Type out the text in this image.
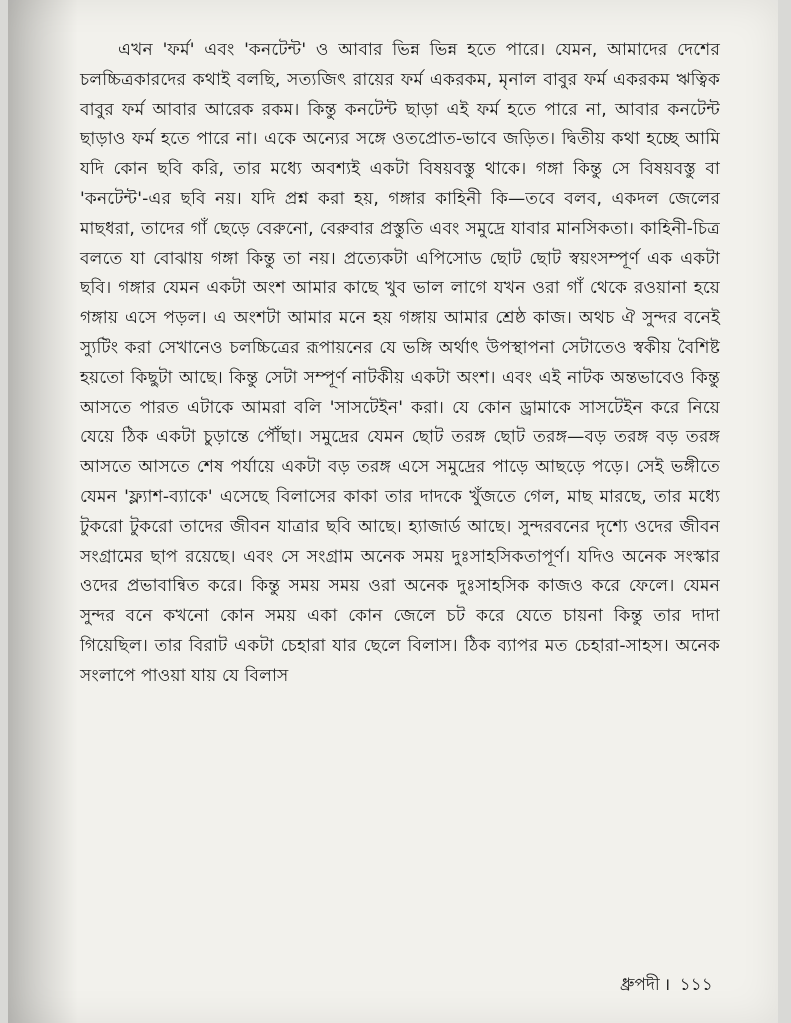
এখন 'ফর্ম' এবং 'কনটেন্ট' ও আবার ভিন্ন ভিন্ন হতে পারে। যেমন, আমাদের দেশের চলচ্চিত্রকারদের কথাই বলছি, সত্যজিৎ রায়ের ফর্ম একরকম, মৃনাল বাবুর ফর্ম একরকম ঋত্বিক বাবুর ফর্ম আবার আরেক রকম। কিন্তু কনটেন্ট ছাড়া এই ফর্ম হতে পারে না, আবার কনটেন্ট ছাড়াও ফর্ম হতে পারে না। একে অন্যের সঙ্গে ওতপ্রোত-ভাবে জড়িত। দ্বিতীয় কথা হচ্ছে আমি যদি কোন ছবি করি, তার মধ্যে অবশ্যই একটা বিষয়বস্তু থাকে। গঙ্গা কিন্তু সে বিষয়বস্তু বা 'কনটেন্ট'-এর ছবি নয়। যদি প্রশ্ন করা হয়, গঙ্গার কাহিনী কি—তবে বলব, একদল জেলের মাছধরা, তাদের গাঁ ছেড়ে বেরুনো, বেরুবার প্রস্তুতি এবং সমুদ্রে যাবার মানসিকতা। কাহিনী-চিত্র বলতে যা বোঝায় গঙ্গা কিন্তু তা নয়। প্রত্যেকটা এপিসোড ছোট ছোট স্বয়ংসম্পূর্ণ এক একটা ছবি। গঙ্গার যেমন একটা অংশ আমার কাছে খুব ভাল লাগে যখন ওরা গাঁ থেকে রওয়ানা হয়ে গঙ্গায় এসে পড়ল। এ অংশটা আমার মনে হয় গঙ্গায় আমার শ্রেষ্ঠ কাজ। অথচ ঐ সুন্দর বনেই স্যুটিং করা সেখানেও চলচ্চিত্রের রূপায়নের যে ভঙ্গি অর্থাৎ উপস্থাপনা সেটাতেও স্বকীয় বৈশিষ্ট হয়তো কিছুটা আছে। কিন্তু সেটা সম্পূর্ণ নাটকীয় একটা অংশ। এবং এই নাটক অন্তভাবেও কিন্তু আসতে পারত এটাকে আমরা বলি 'সাসটেইন' করা। যে কোন ড্রামাকে সাসটেইন করে নিয়ে যেয়ে ঠিক একটা চুড়ান্তে পৌঁছা। সমুদ্রের যেমন ছোট তরঙ্গ ছোট তরঙ্গ—বড় তরঙ্গ বড় তরঙ্গ আসতে আসতে শেষ পর্যায়ে একটা বড় তরঙ্গ এসে সমুদ্রের পাড়ে আছড়ে পড়ে। সেই ভঙ্গীতে যেমন 'ফ্ল্যাশ-ব্যাকে' এসেছে বিলাসের কাকা তার দাদকে খুঁজতে গেল, মাছ মারছে, তার মধ্যে টুকরো টুকরো তাদের জীবন যাত্রার ছবি আছে। হ্যাজার্ড আছে। সুন্দরবনের দৃশ্যে ওদের জীবন সংগ্রামের ছাপ রয়েছে। এবং সে সংগ্রাম অনেক সময় দুঃসাহসিকতাপূর্ণ। যদিও অনেক সংস্কার ওদের প্রভাবান্বিত করে। কিন্তু সময় সময় ওরা অনেক দুঃসাহসিক কাজও করে ফেলে। যেমন সুন্দর বনে কখনো কোন সময় একা কোন জেলে চট করে যেতে চায়না কিন্তু তার দাদা গিয়েছিল। তার বিরাট একটা চেহারা যার ছেলে বিলাস। ঠিক ব্যাপর মত চেহারা-সাহস। অনেক সংলাপে পাওয়া যায় যে বিলাস

ধ্রুপদী । ১১১
